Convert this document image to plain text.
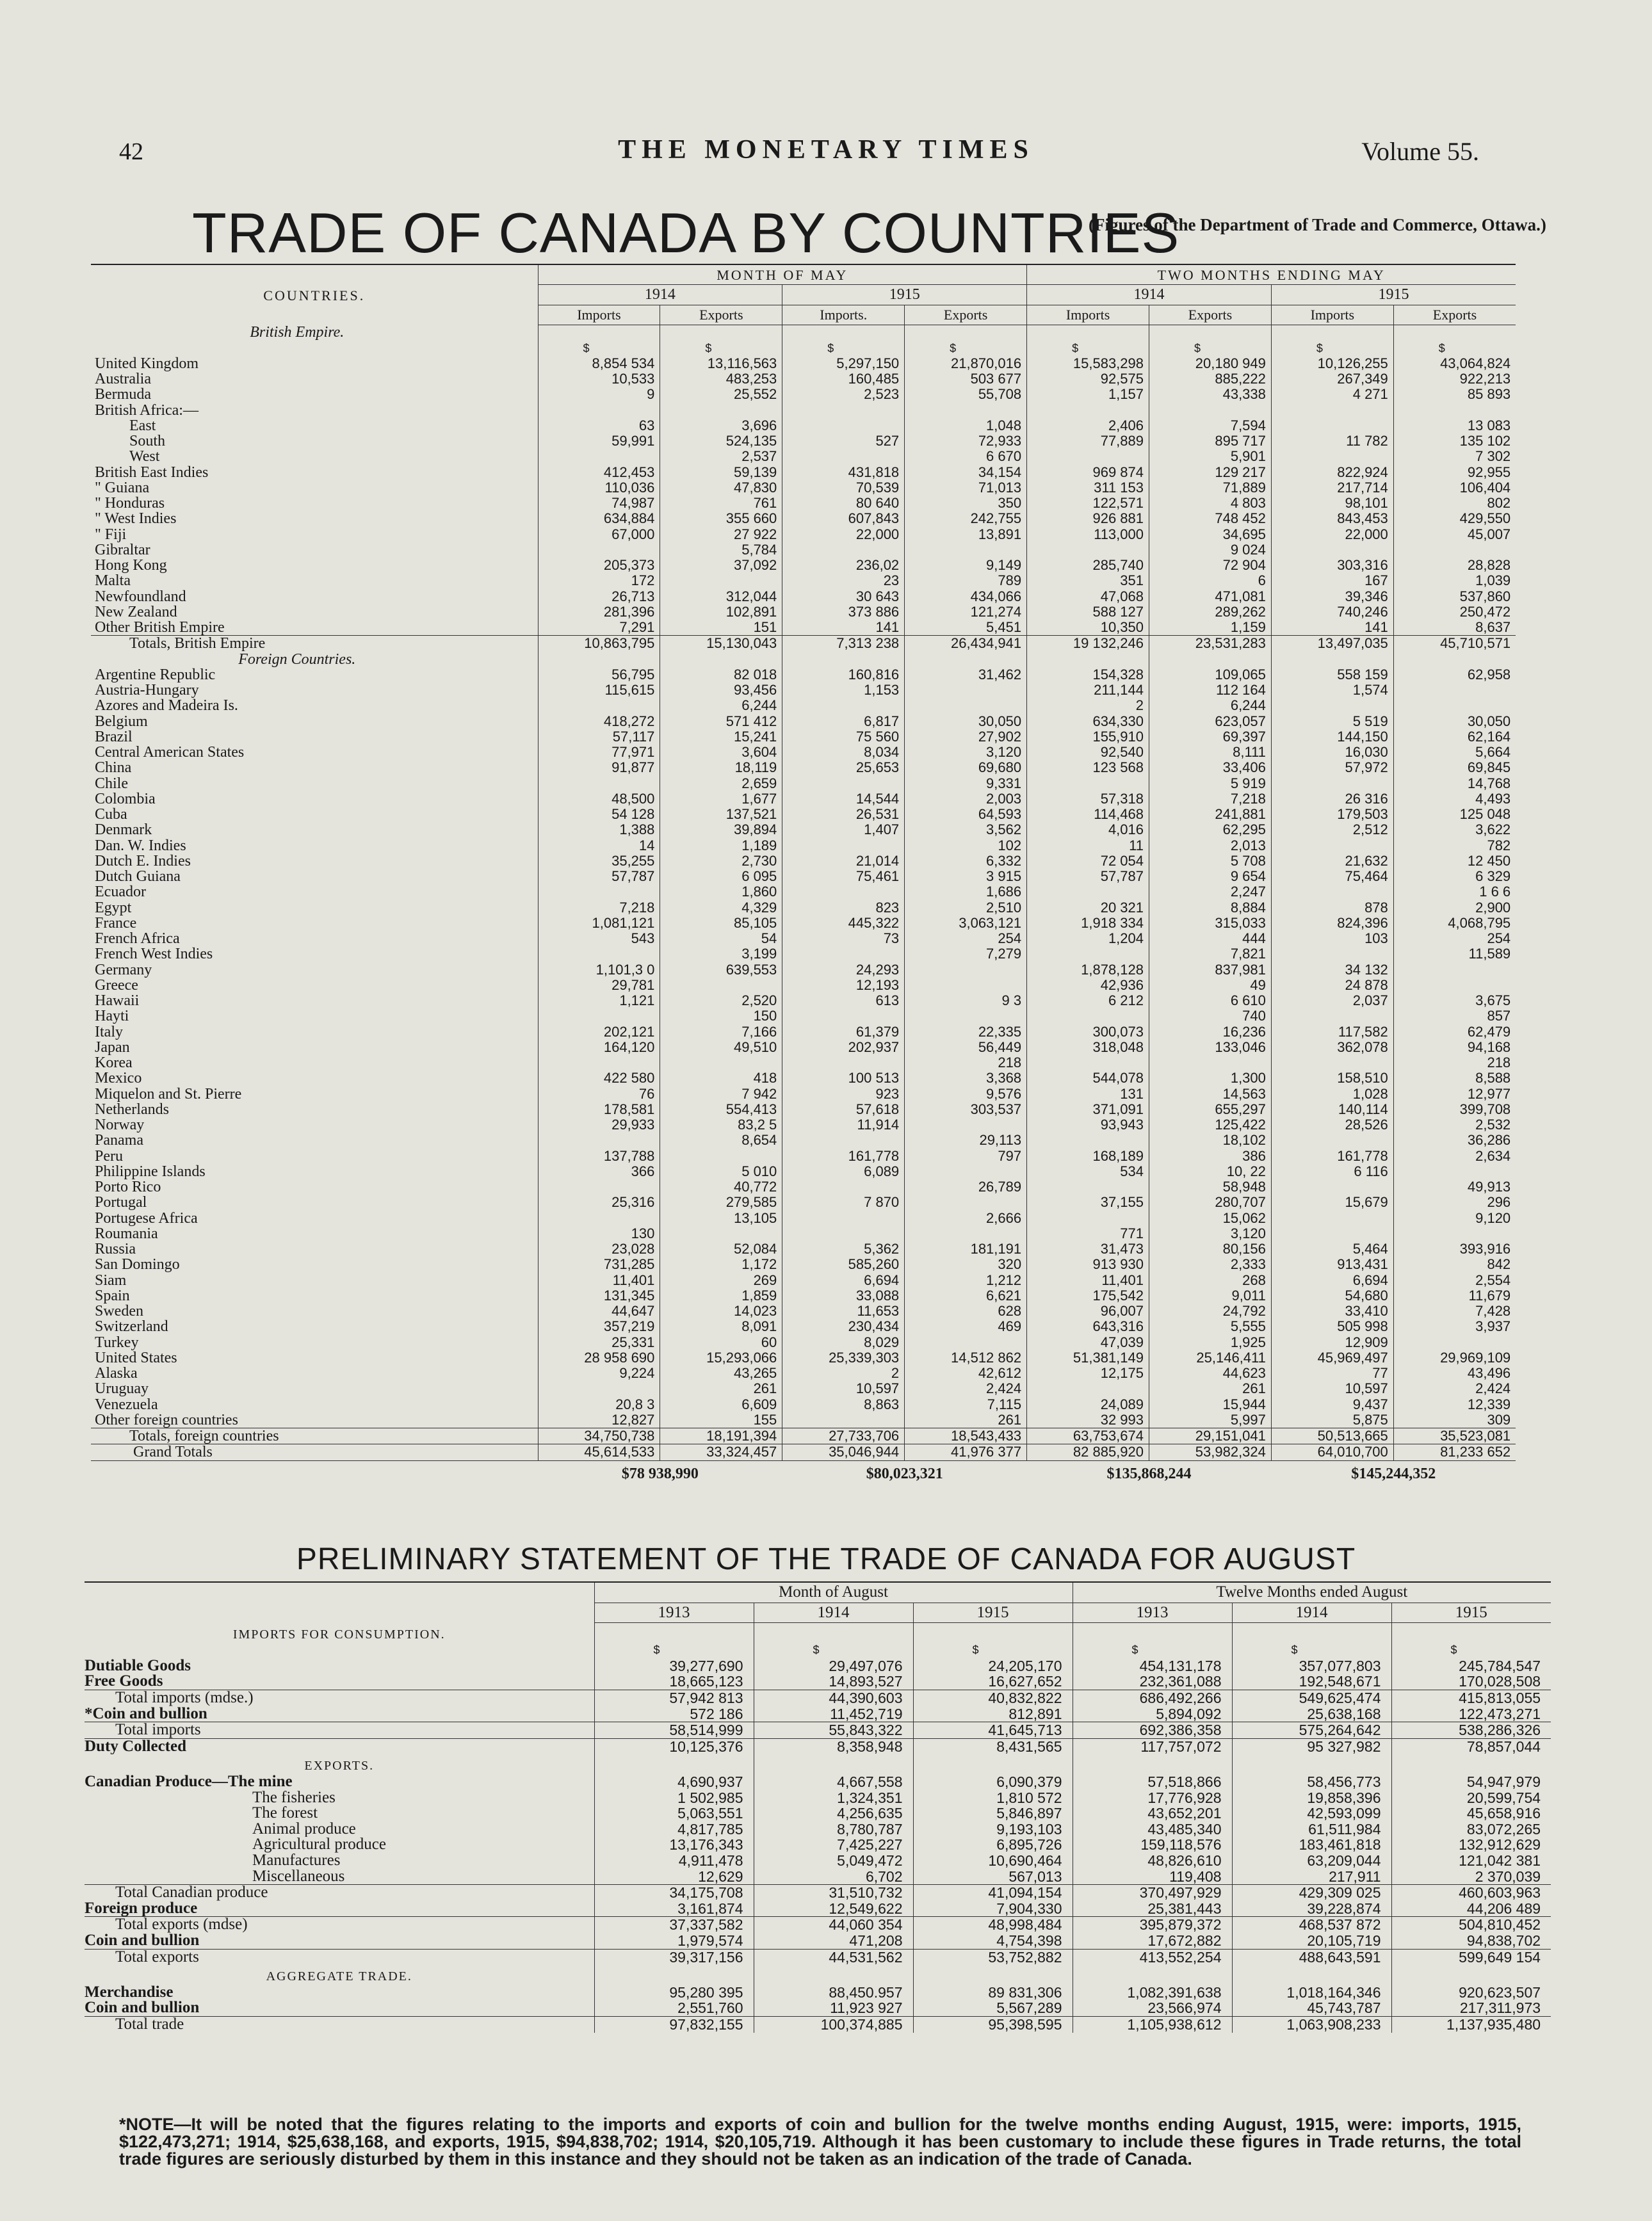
42	THE MONETARY TIMES	Volume 55.
TRADE OF CANADA BY COUNTRIES
(Figures of the Department of Trade and Commerce, Ottawa.)
COUNTRIES.	MONTH OF MAY				TWO MONTHS ENDING MAY			
	1914		1915		1914		1915	
	Imports	Exports	Imports.	Exports	Imports	Exports	Imports	Exports
British Empire.								
	$	$	$	$	$	$	$	$
United Kingdom	8,854 534	13,116,563	5,297,150	21,870,016	15,583,298	20,180 949	10,126,255	43,064,824
Australia	10,533	483,253	160,485	503 677	92,575	885,222	267,349	922,213
Bermuda	9	25,552	2,523	55,708	1,157	43,338	4 271	85 893
British Africa:—								
East	63	3,696		1,048	2,406	7,594		13 083
South	59,991	524,135	527	72,933	77,889	895 717	11 782	135 102
West		2,537		6 670		5,901		7 302
British East Indies	412,453	59,139	431,818	34,154	969 874	129 217	822,924	92,955
" Guiana	110,036	47,830	70,539	71,013	311 153	71,889	217,714	106,404
" Honduras	74,987	761	80 640	350	122,571	4 803	98,101	802
" West Indies	634,884	355 660	607,843	242,755	926 881	748 452	843,453	429,550
" Fiji	67,000	27 922	22,000	13,891	113,000	34,695	22,000	45,007
Gibraltar		5,784				9 024		
Hong Kong	205,373	37,092	236,02	9,149	285,740	72 904	303,316	28,828
Malta	172		23	789	351	6	167	1,039
Newfoundland	26,713	312,044	30 643	434,066	47,068	471,081	39,346	537,860
New Zealand	281,396	102,891	373 886	121,274	588 127	289,262	740,246	250,472
Other British Empire	7,291	151	141	5,451	10,350	1,159	141	8,637
Totals, British Empire	10,863,795	15,130,043	7,313 238	26,434,941	19 132,246	23,531,283	13,497,035	45,710,571
Foreign Countries.								
Argentine Republic	56,795	82 018	160,816	31,462	154,328	109,065	558 159	62,958
Austria-Hungary	115,615	93,456	1,153		211,144	112 164	1,574	
Azores and Madeira Is.		6,244			2	6,244		
Belgium	418,272	571 412	6,817	30,050	634,330	623,057	5 519	30,050
Brazil	57,117	15,241	75 560	27,902	155,910	69,397	144,150	62,164
Central American States	77,971	3,604	8,034	3,120	92,540	8,111	16,030	5,664
China	91,877	18,119	25,653	69,680	123 568	33,406	57,972	69,845
Chile		2,659		9,331		5 919		14,768
Colombia	48,500	1,677	14,544	2,003	57,318	7,218	26 316	4,493
Cuba	54 128	137,521	26,531	64,593	114,468	241,881	179,503	125 048
Denmark	1,388	39,894	1,407	3,562	4,016	62,295	2,512	3,622
Dan. W. Indies	14	1,189		102	11	2,013		782
Dutch E. Indies	35,255	2,730	21,014	6,332	72 054	5 708	21,632	12 450
Dutch Guiana	57,787	6 095	75,461	3 915	57,787	9 654	75,464	6 329
Ecuador		1,860		1,686		2,247		1 6 6
Egypt	7,218	4,329	823	2,510	20 321	8,884	878	2,900
France	1,081,121	85,105	445,322	3,063,121	1,918 334	315,033	824,396	4,068,795
French Africa	543	54	73	254	1,204	444	103	254
French West Indies		3,199		7,279		7,821		11,589
Germany	1,101,3 0	639,553	24,293		1,878,128	837,981	34 132	
Greece	29,781		12,193		42,936	49	24 878	
Hawaii	1,121	2,520	613	9 3	6 212	6 610	2,037	3,675
Hayti		150				740		857
Italy	202,121	7,166	61,379	22,335	300,073	16,236	117,582	62,479
Japan	164,120	49,510	202,937	56,449	318,048	133,046	362,078	94,168
Korea				218				218
Mexico	422 580	418	100 513	3,368	544,078	1,300	158,510	8,588
Miquelon and St. Pierre	76	7 942	923	9,576	131	14,563	1,028	12,977
Netherlands	178,581	554,413	57,618	303,537	371,091	655,297	140,114	399,708
Norway	29,933	83,2 5	11,914		93,943	125,422	28,526	2,532
Panama		8,654		29,113		18,102		36,286
Peru	137,788		161,778	797	168,189	386	161,778	2,634
Philippine Islands	366	5 010	6,089		534	10, 22	6 116	
Porto Rico		40,772		26,789		58,948		49,913
Portugal	25,316	279,585	7 870		37,155	280,707	15,679	296
Portugese Africa		13,105		2,666		15,062		9,120
Roumania	130				771	3,120		
Russia	23,028	52,084	5,362	181,191	31,473	80,156	5,464	393,916
San Domingo	731,285	1,172	585,260	320	913 930	2,333	913,431	842
Siam	11,401	269	6,694	1,212	11,401	268	6,694	2,554
Spain	131,345	1,859	33,088	6,621	175,542	9,011	54,680	11,679
Sweden	44,647	14,023	11,653	628	96,007	24,792	33,410	7,428
Switzerland	357,219	8,091	230,434	469	643,316	5,555	505 998	3,937
Turkey	25,331	60	8,029		47,039	1,925	12,909	
United States	28 958 690	15,293,066	25,339,303	14,512 862	51,381,149	25,146,411	45,969,497	29,969,109
Alaska	9,224	43,265	2	42,612	12,175	44,623	77	43,496
Uruguay		261	10,597	2,424		261	10,597	2,424
Venezuela	20,8 3	6,609	8,863	7,115	24,089	15,944	9,437	12,339
Other foreign countries	12,827	155		261	32 993	5,997	5,875	309
Totals, foreign countries	34,750,738	18,191,394	27,733,706	18,543,433	63,753,674	29,151,041	50,513,665	35,523,081
Grand Totals	45,614,533	33,324,457	35,046,944	41,976 377	82 885,920	53,982,324	64,010,700	81,233 652
	$78 938,990		$80,023,321		$135,868,244		$145,244,352	
PRELIMINARY STATEMENT OF THE TRADE OF CANADA FOR AUGUST
	Month of August			Twelve Months ended August		
	1913	1914	1915	1913	1914	1915
IMPORTS FOR CONSUMPTION.						
	$	$	$	$	$	$
Dutiable Goods	39,277,690	29,497,076	24,205,170	454,131,178	357,077,803	245,784,547
Free Goods	18,665,123	14,893,527	16,627,652	232,361,088	192,548,671	170,028,508
Total imports (mdse.)	57,942 813	44,390,603	40,832,822	686,492,266	549,625,474	415,813,055
*Coin and bullion	572 186	11,452,719	812,891	5,894,092	25,638,168	122,473,271
Total imports	58,514,999	55,843,322	41,645,713	692,386,358	575,264,642	538,286,326
Duty Collected	10,125,376	8,358,948	8,431,565	117,757,072	95 327,982	78,857,044
EXPORTS.						
Canadian Produce—The mine	4,690,937	4,667,558	6,090,379	57,518,866	58,456,773	54,947,979
The fisheries	1 502,985	1,324,351	1,810 572	17,776,928	19,858,396	20,599,754
The forest	5,063,551	4,256,635	5,846,897	43,652,201	42,593,099	45,658,916
Animal produce	4,817,785	8,780,787	9,193,103	43,485,340	61,511,984	83,072,265
Agricultural produce	13,176,343	7,425,227	6,895,726	159,118,576	183,461,818	132,912,629
Manufactures	4,911,478	5,049,472	10,690,464	48,826,610	63,209,044	121,042 381
Miscellaneous	12,629	6,702	567,013	119,408	217,911	2 370,039
Total Canadian produce	34,175,708	31,510,732	41,094,154	370,497,929	429,309 025	460,603,963
Foreign produce	3,161,874	12,549,622	7,904,330	25,381,443	39,228,874	44,206 489
Total exports (mdse)	37,337,582	44,060 354	48,998,484	395,879,372	468,537 872	504,810,452
Coin and bullion	1,979,574	471,208	4,754,398	17,672,882	20,105,719	94,838,702
Total exports	39,317,156	44,531,562	53,752,882	413,552,254	488,643,591	599,649 154
AGGREGATE TRADE.						
Merchandise	95,280 395	88,450.957	89 831,306	1,082,391,638	1,018,164,346	920,623,507
Coin and bullion	2,551,760	11,923 927	5,567,289	23,566,974	45,743,787	217,311,973
Total trade	97,832,155	100,374,885	95,398,595	1,105,938,612	1,063,908,233	1,137,935,480
*NOTE—It will be noted that the figures relating to the imports and exports of coin and bullion for the twelve months ending August, 1915, were: imports, 1915, $122,473,271; 1914, $25,638,168, and exports, 1915, $94,838,702; 1914, $20,105,719. Although it has been customary to include these figures in Trade returns, the total trade figures are seriously disturbed by them in this instance and they should not be taken as an indication of the trade of Canada.
